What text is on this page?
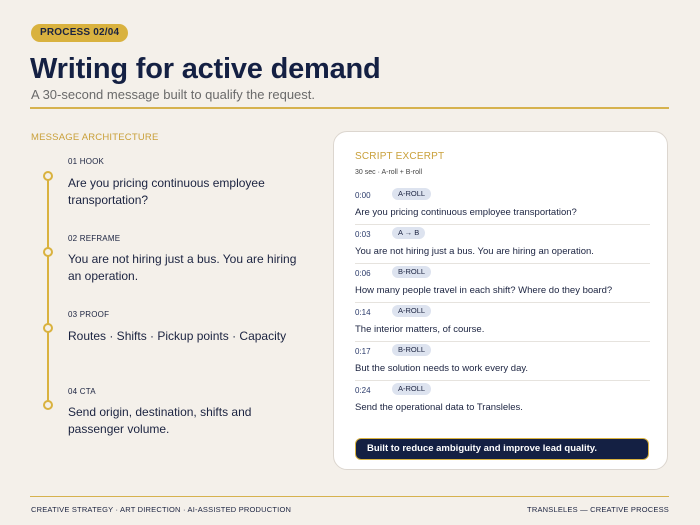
PROCESS 02/04
Writing for active demand
A 30-second message built to qualify the request.
MESSAGE ARCHITECTURE
01 HOOK
Are you pricing continuous employee transportation?
02 REFRAME
You are not hiring just a bus. You are hiring an operation.
03 PROOF
Routes · Shifts · Pickup points · Capacity
04 CTA
Send origin, destination, shifts and passenger volume.
SCRIPT EXCERPT
30 sec · A-roll + B-roll
0:00	A-ROLL
Are you pricing continuous employee transportation?
0:03	A → B
You are not hiring just a bus. You are hiring an operation.
0:06	B-ROLL
How many people travel in each shift? Where do they board?
0:14	A-ROLL
The interior matters, of course.
0:17	B-ROLL
But the solution needs to work every day.
0:24	A-ROLL
Send the operational data to Transleles.
Built to reduce ambiguity and improve lead quality.
CREATIVE STRATEGY · ART DIRECTION · AI-ASSISTED PRODUCTION	TRANSLELES — CREATIVE PROCESS
